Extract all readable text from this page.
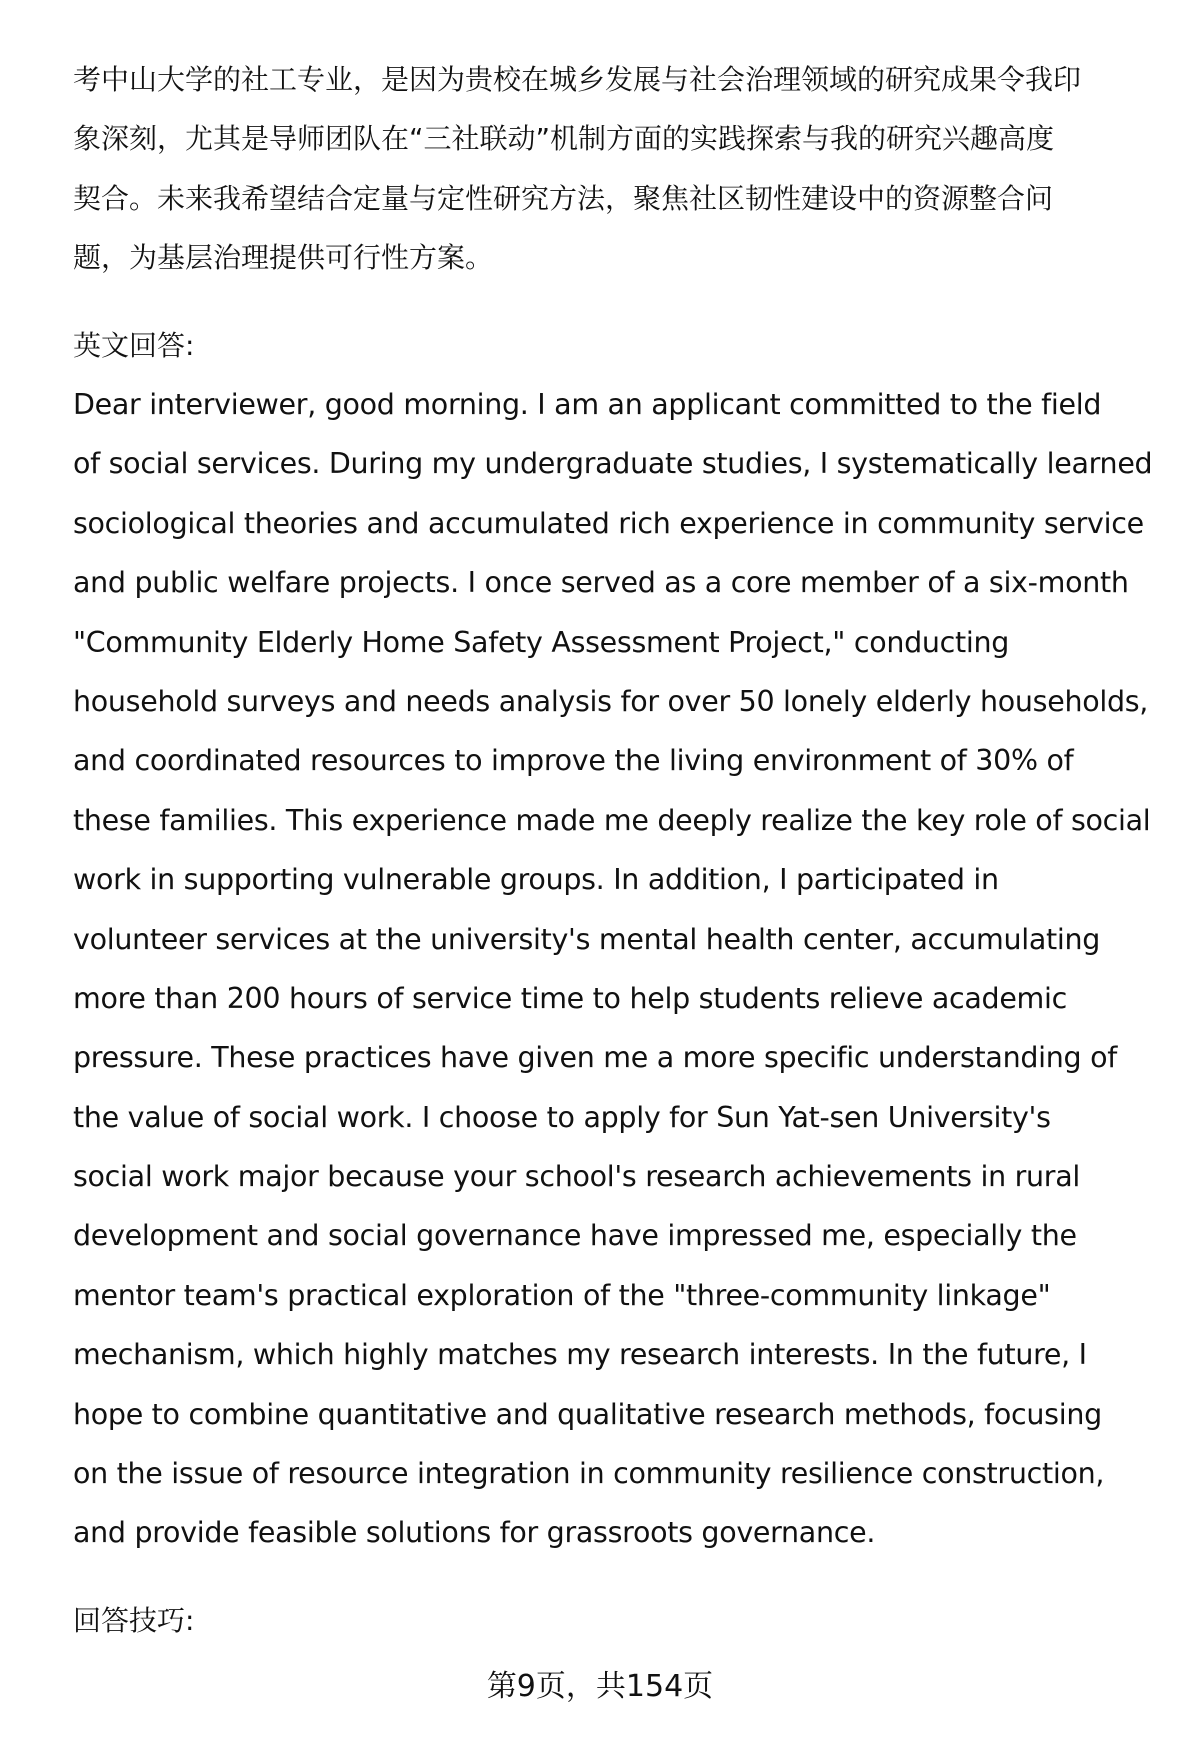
考中山大学的社工专业，是因为贵校在城乡发展与社会治理领域的研究成果令我印
象深刻，尤其是导师团队在“三社联动”机制方面的实践探索与我的研究兴趣高度
契合。未来我希望结合定量与定性研究方法，聚焦社区韧性建设中的资源整合问
题，为基层治理提供可行性方案。
英文回答:
Dear interviewer, good morning. I am an applicant committed to the field
of social services. During my undergraduate studies, I systematically learned
sociological theories and accumulated rich experience in community service
and public welfare projects. I once served as a core member of a six-month
"Community Elderly Home Safety Assessment Project," conducting
household surveys and needs analysis for over 50 lonely elderly households,
and coordinated resources to improve the living environment of 30% of
these families. This experience made me deeply realize the key role of social
work in supporting vulnerable groups. In addition, I participated in
volunteer services at the university's mental health center, accumulating
more than 200 hours of service time to help students relieve academic
pressure. These practices have given me a more specific understanding of
the value of social work. I choose to apply for Sun Yat-sen University's
social work major because your school's research achievements in rural
development and social governance have impressed me, especially the
mentor team's practical exploration of the "three-community linkage"
mechanism, which highly matches my research interests. In the future, I
hope to combine quantitative and qualitative research methods, focusing
on the issue of resource integration in community resilience construction,
and provide feasible solutions for grassroots governance.
回答技巧:
第9页，共154页
